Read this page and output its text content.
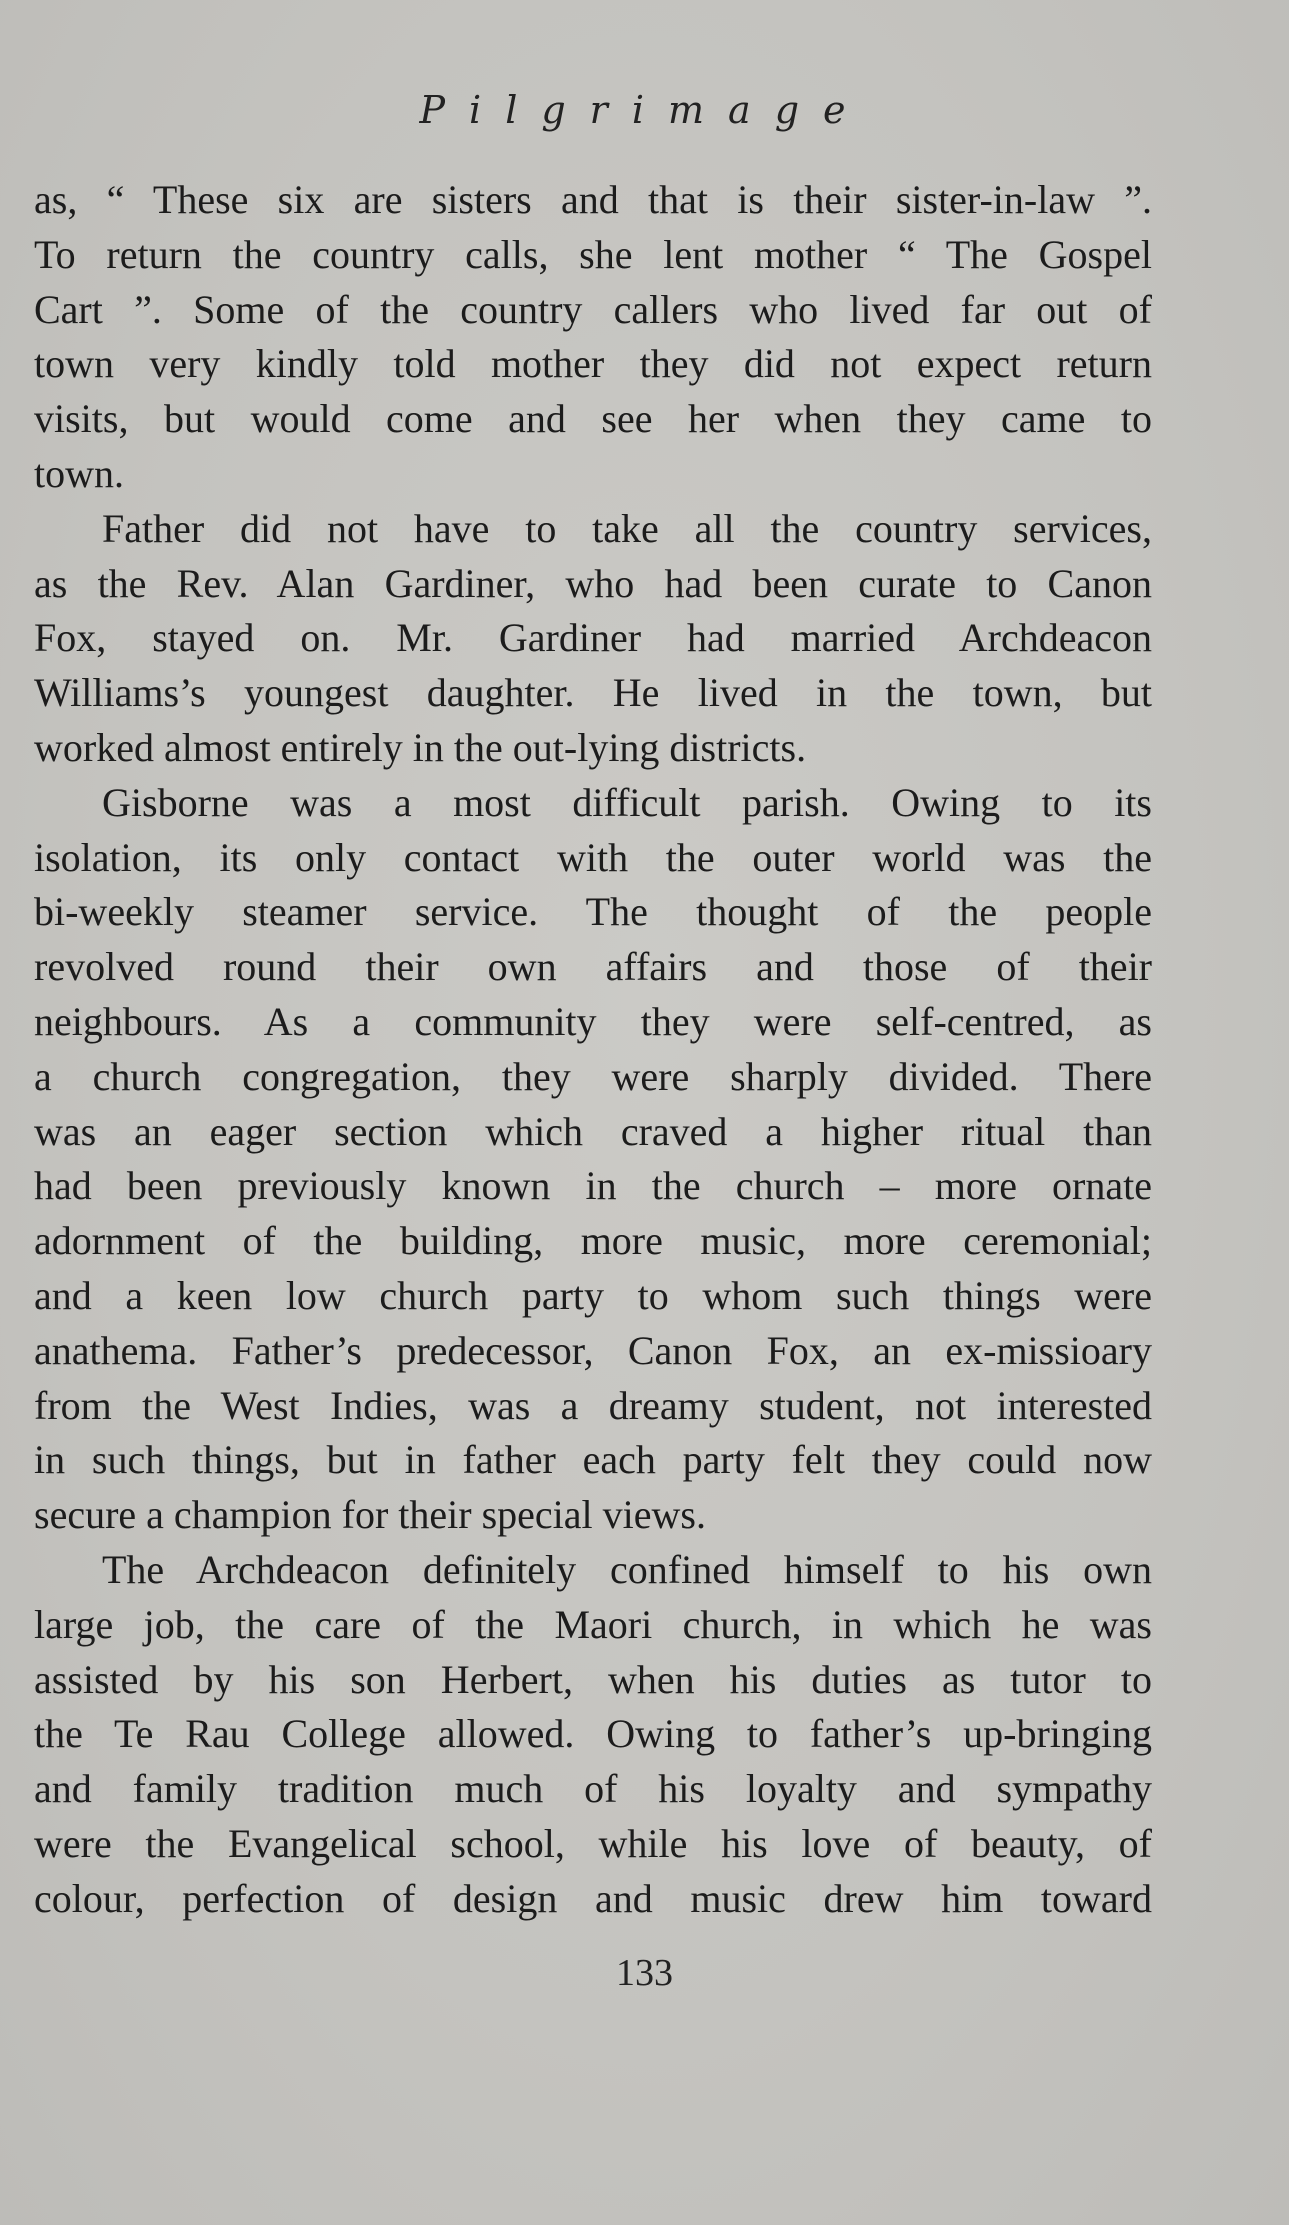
Pilgrimage
as, “ These six are sisters and that is their sister-in-law ”.
To return the country calls, she lent mother “ The Gospel
Cart ”. Some of the country callers who lived far out of
town very kindly told mother they did not expect return
visits, but would come and see her when they came to
town.
Father did not have to take all the country services,
as the Rev. Alan Gardiner, who had been curate to Canon
Fox, stayed on. Mr. Gardiner had married Archdeacon
Williams’s youngest daughter. He lived in the town, but
worked almost entirely in the out-lying districts.
Gisborne was a most difficult parish. Owing to its
isolation, its only contact with the outer world was the
bi-weekly steamer service. The thought of the people
revolved round their own affairs and those of their
neighbours. As a community they were self-centred, as
a church congregation, they were sharply divided. There
was an eager section which craved a higher ritual than
had been previously known in the church – more ornate
adornment of the building, more music, more ceremonial;
and a keen low church party to whom such things were
anathema. Father’s predecessor, Canon Fox, an ex-missioary
from the West Indies, was a dreamy student, not interested
in such things, but in father each party felt they could now
secure a champion for their special views.
The Archdeacon definitely confined himself to his own
large job, the care of the Maori church, in which he was
assisted by his son Herbert, when his duties as tutor to
the Te Rau College allowed. Owing to father’s up-bringing
and family tradition much of his loyalty and sympathy
were the Evangelical school, while his love of beauty, of
colour, perfection of design and music drew him toward
133
